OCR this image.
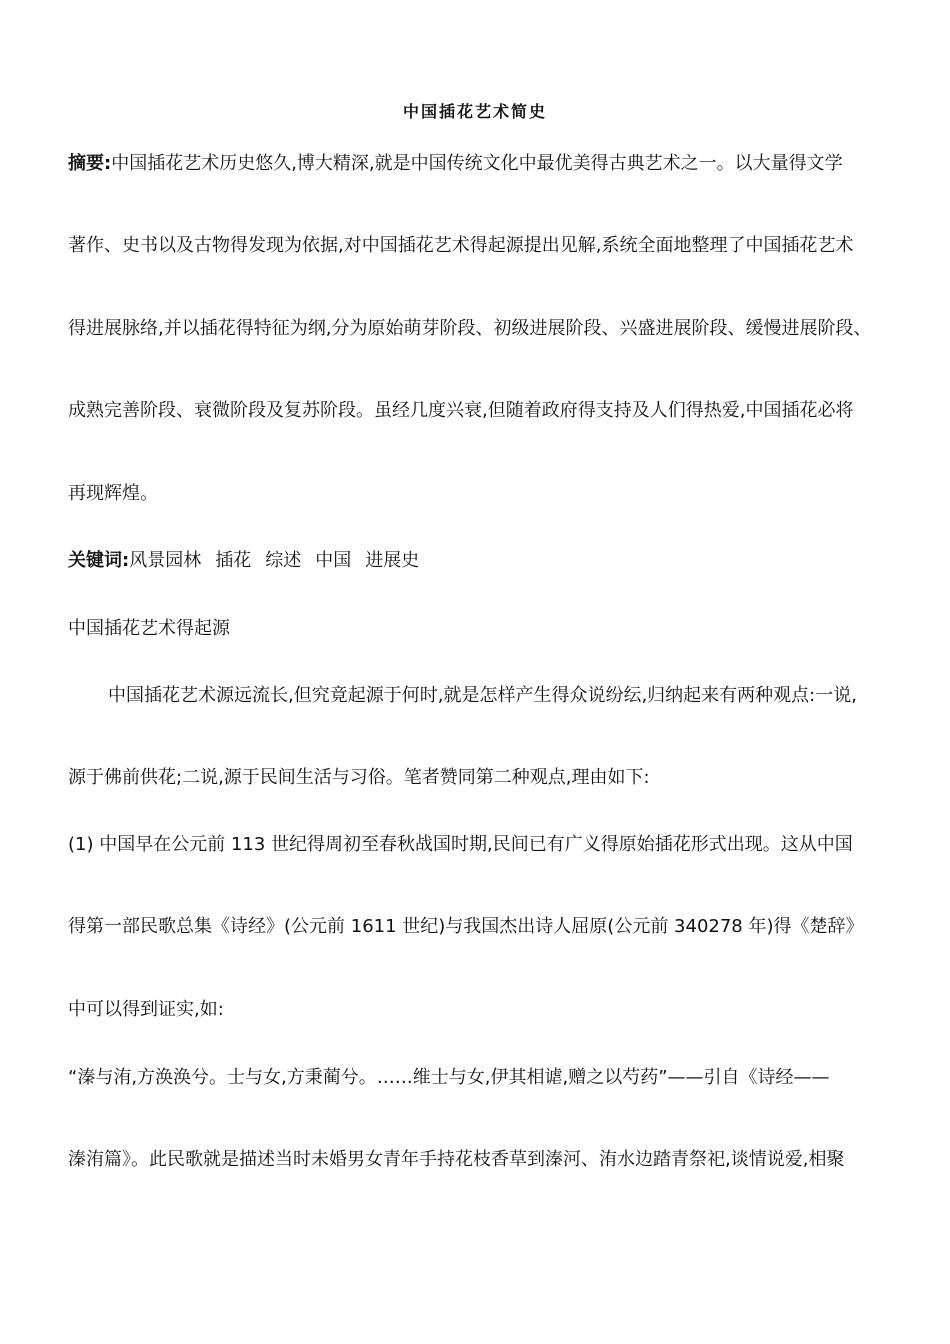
中国插花艺术简史
摘要:中国插花艺术历史悠久,博大精深,就是中国传统文化中最优美得古典艺术之一。以大量得文学
著作、史书以及古物得发现为依据,对中国插花艺术得起源提出见解,系统全面地整理了中国插花艺术
得进展脉络,并以插花得特征为纲,分为原始萌芽阶段、初级进展阶段、兴盛进展阶段、缓慢进展阶段、
成熟完善阶段、衰微阶段及复苏阶段。虽经几度兴衰,但随着政府得支持及人们得热爱,中国插花必将
再现辉煌。
关键词:风景园林 插花 综述 中国 进展史
中国插花艺术得起源
中国插花艺术源远流长,但究竟起源于何时,就是怎样产生得众说纷纭,归纳起来有两种观点:一说,
源于佛前供花;二说,源于民间生活与习俗。笔者赞同第二种观点,理由如下:
(1) 中国早在公元前 113 世纪得周初至春秋战国时期,民间已有广义得原始插花形式出现。这从中国
得第一部民歌总集《诗经》(公元前 1611 世纪)与我国杰出诗人屈原(公元前 340278 年)得《楚辞》
中可以得到证实,如:
“溱与洧,方涣涣兮。士与女,方秉蔺兮。……维士与女,伊其相谑,赠之以芍药”——引自《诗经——
溱洧篇》。此民歌就是描述当时未婚男女青年手持花枝香草到溱河、洧水边踏青祭祀,谈情说爱,相聚
